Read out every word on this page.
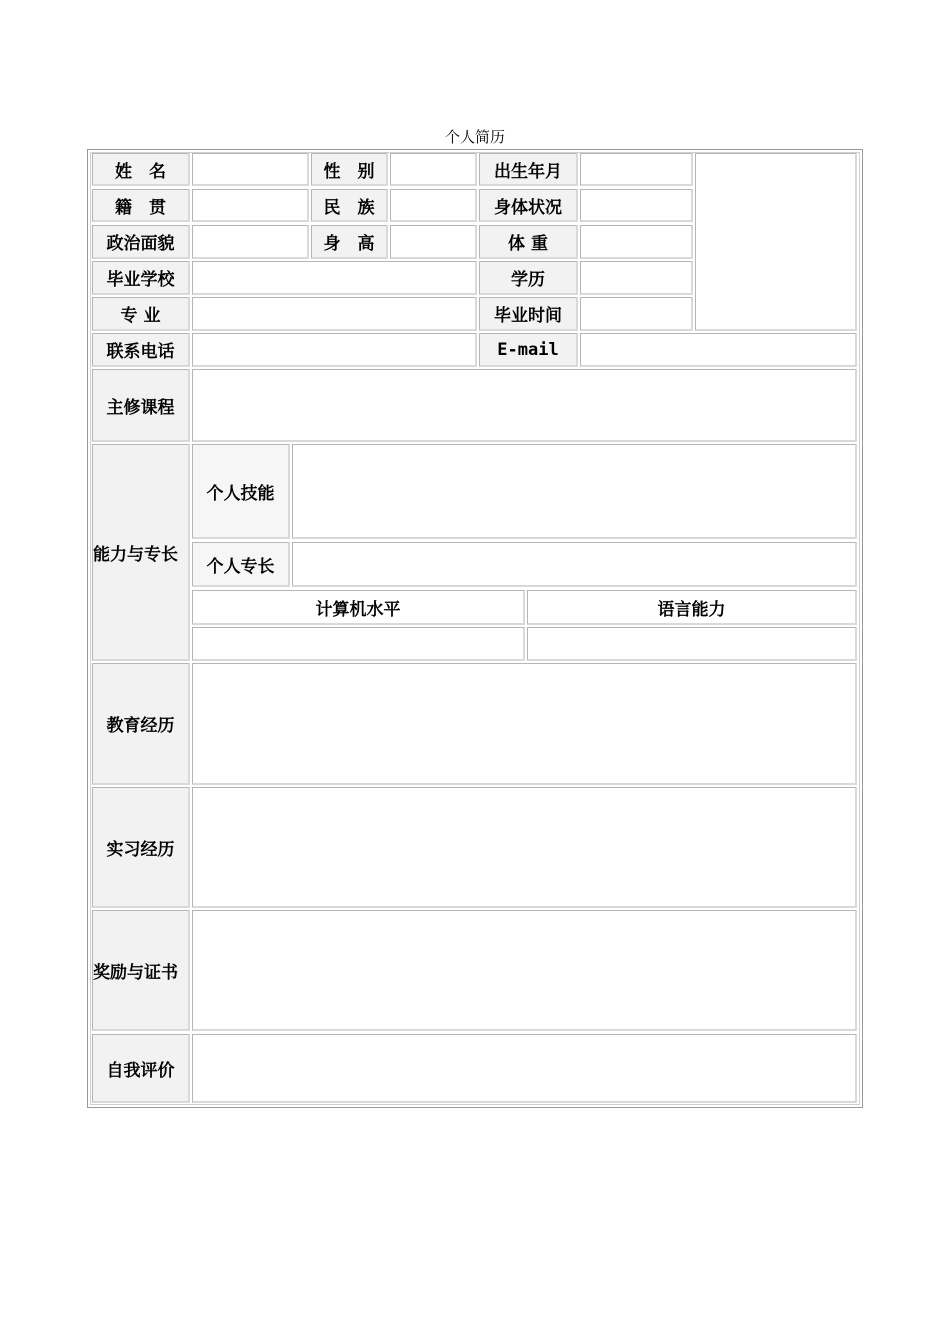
个人简历
姓　名	性　别	出生年月
籍　贯	民　族	身体状况
政治面貌	身　高	体 重
毕业学校	学历
专 业	毕业时间
联系电话	E-mail
主修课程
能力与专长
个人技能
个人专长
计算机水平	语言能力
教育经历
实习经历
奖励与证书
自我评价
